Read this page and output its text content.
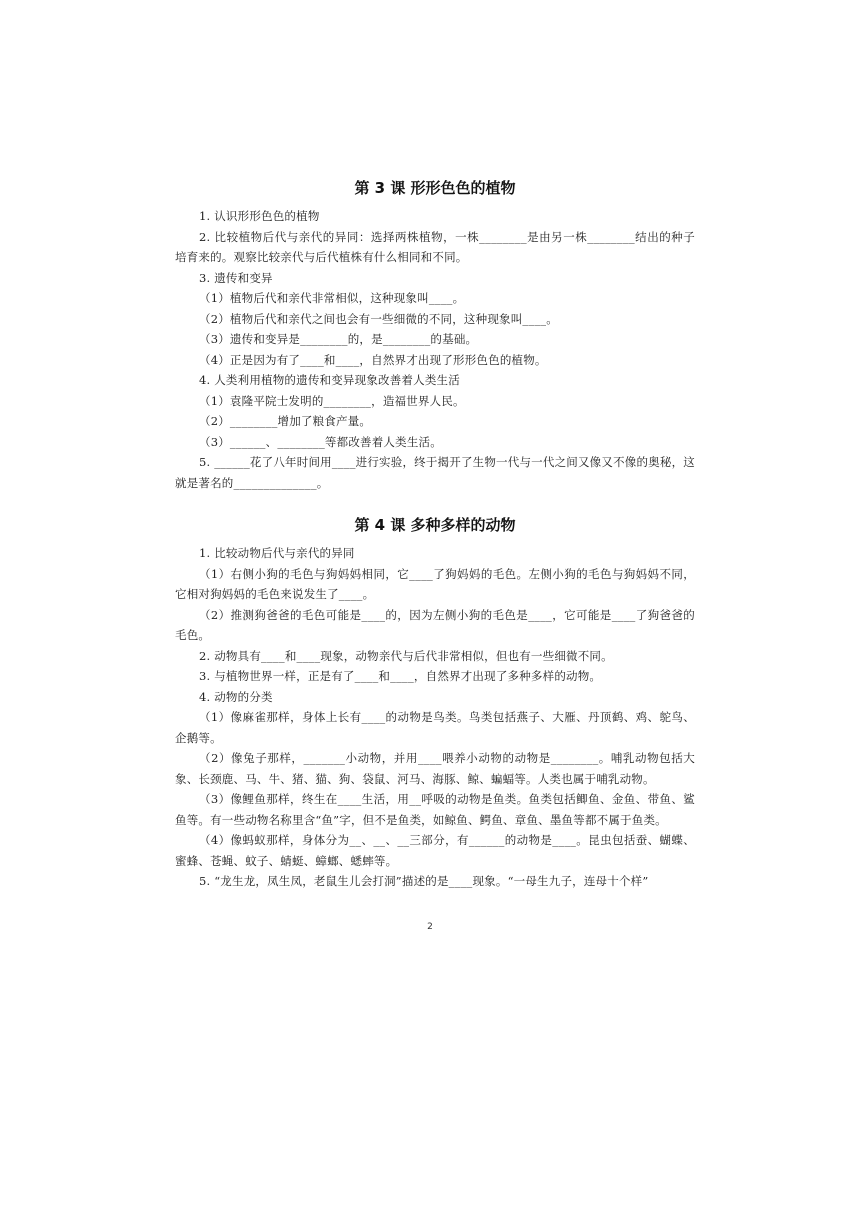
第 3 课 形形色色的植物

1. 认识形形色色的植物

2. 比较植物后代与亲代的异同：选择两株植物，一株________是由另一株________结出的种子培育来的。观察比较亲代与后代植株有什么相同和不同。

3. 遗传和变异

（1）植物后代和亲代非常相似，这种现象叫____。

（2）植物后代和亲代之间也会有一些细微的不同，这种现象叫____。

（3）遗传和变异是________的，是________的基础。

（4）正是因为有了____和____，自然界才出现了形形色色的植物。

4. 人类利用植物的遗传和变异现象改善着人类生活

（1）袁隆平院士发明的________，造福世界人民。

（2）________增加了粮食产量。

（3）______、________等都改善着人类生活。

5. ______花了八年时间用____进行实验，终于揭开了生物一代与一代之间又像又不像的奥秘，这就是著名的______________。

第 4 课 多种多样的动物

1. 比较动物后代与亲代的异同

（1）右侧小狗的毛色与狗妈妈相同，它____了狗妈妈的毛色。左侧小狗的毛色与狗妈妈不同，它相对狗妈妈的毛色来说发生了____。

（2）推测狗爸爸的毛色可能是____的，因为左侧小狗的毛色是____，它可能是____了狗爸爸的毛色。

2. 动物具有____和____现象，动物亲代与后代非常相似，但也有一些细微不同。

3. 与植物世界一样，正是有了____和____，自然界才出现了多种多样的动物。

4. 动物的分类

（1）像麻雀那样，身体上长有____的动物是鸟类。鸟类包括燕子、大雁、丹顶鹤、鸡、鸵鸟、企鹅等。

（2）像兔子那样，_______小动物，并用____喂养小动物的动物是________。哺乳动物包括大象、长颈鹿、马、牛、猪、猫、狗、袋鼠、河马、海豚、鲸、蝙蝠等。人类也属于哺乳动物。

（3）像鲤鱼那样，终生在____生活，用__呼吸的动物是鱼类。鱼类包括鲫鱼、金鱼、带鱼、鲨鱼等。有一些动物名称里含“鱼”字，但不是鱼类，如鲸鱼、鳄鱼、章鱼、墨鱼等都不属于鱼类。

（4）像蚂蚁那样，身体分为__、__、__三部分，有______的动物是____。昆虫包括蚕、蝴蝶、蜜蜂、苍蝇、蚊子、蜻蜓、蟑螂、蟋蟀等。

5. “龙生龙，凤生凤，老鼠生儿会打洞”描述的是____现象。“一母生九子，连母十个样”

2
